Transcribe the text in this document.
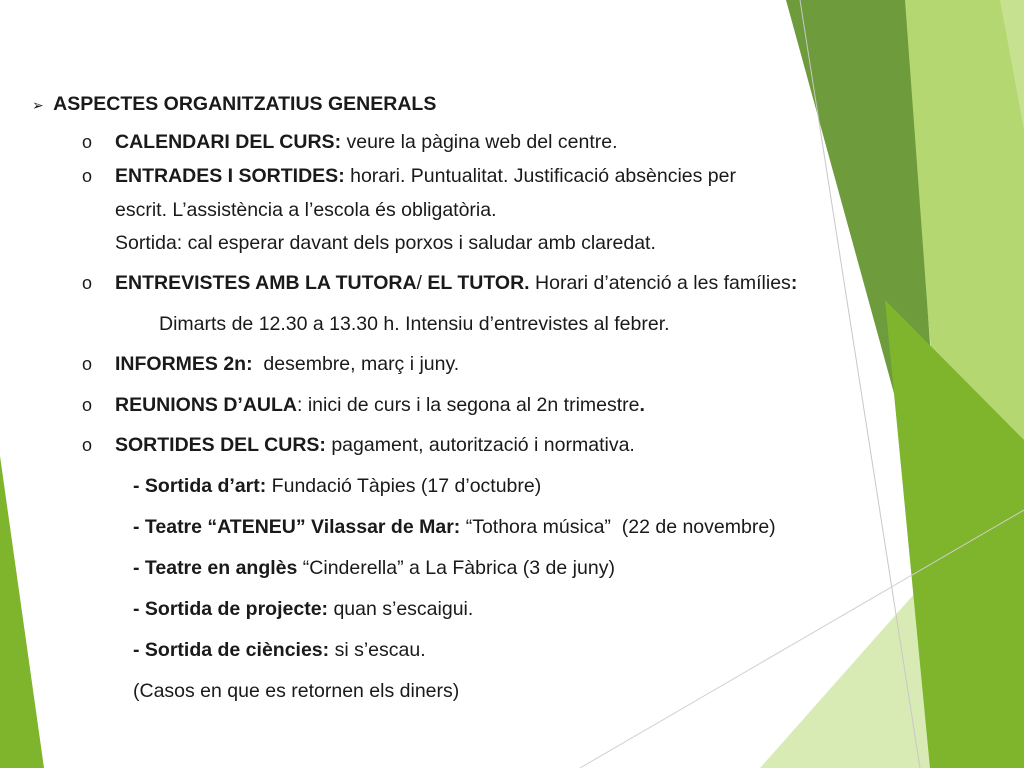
➢ ASPECTES ORGANITZATIUS GENERALS
o CALENDARI DEL CURS: veure la pàgina web del centre.
o ENTRADES I SORTIDES: horari. Puntualitat. Justificació absències per
escrit. L’assistència a l’escola és obligatòria.
Sortida: cal esperar davant dels porxos i saludar amb claredat.
o ENTREVISTES AMB LA TUTORA/ EL TUTOR. Horari d’atenció a les famílies:
Dimarts de 12.30 a 13.30 h. Intensiu d’entrevistes al febrer.
o INFORMES 2n:  desembre, març i juny.
o REUNIONS D’AULA: inici de curs i la segona al 2n trimestre.
o SORTIDES DEL CURS: pagament, autorització i normativa.
- Sortida d’art: Fundació Tàpies (17 d’octubre)
- Teatre “ATENEU” Vilassar de Mar: “Tothora música”  (22 de novembre)
- Teatre en anglès “Cinderella” a La Fàbrica (3 de juny)
- Sortida de projecte: quan s’escaigui.
- Sortida de ciències: si s’escau.
(Casos en que es retornen els diners)
